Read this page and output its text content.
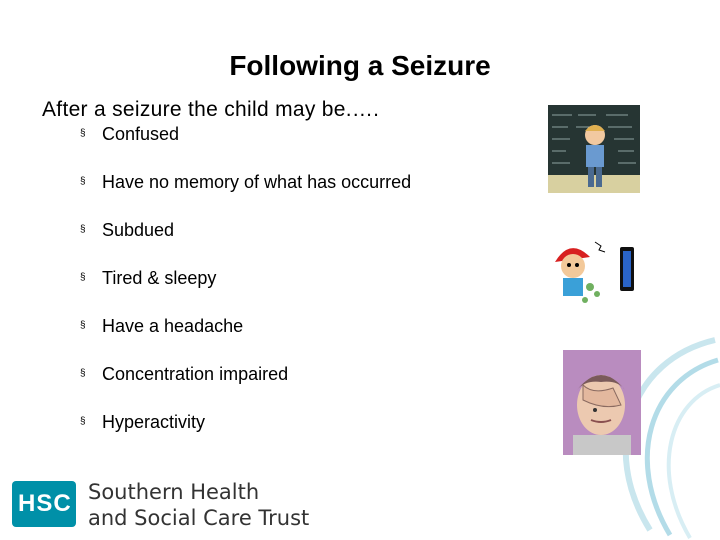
Following a Seizure
After a seizure the child may be.….
§ Confused
§ Have no memory of what has occurred
§ Subdued
§ Tired & sleepy
§ Have a headache
§ Concentration impaired
§ Hyperactivity
HSC Southern Health
and Social Care Trust
